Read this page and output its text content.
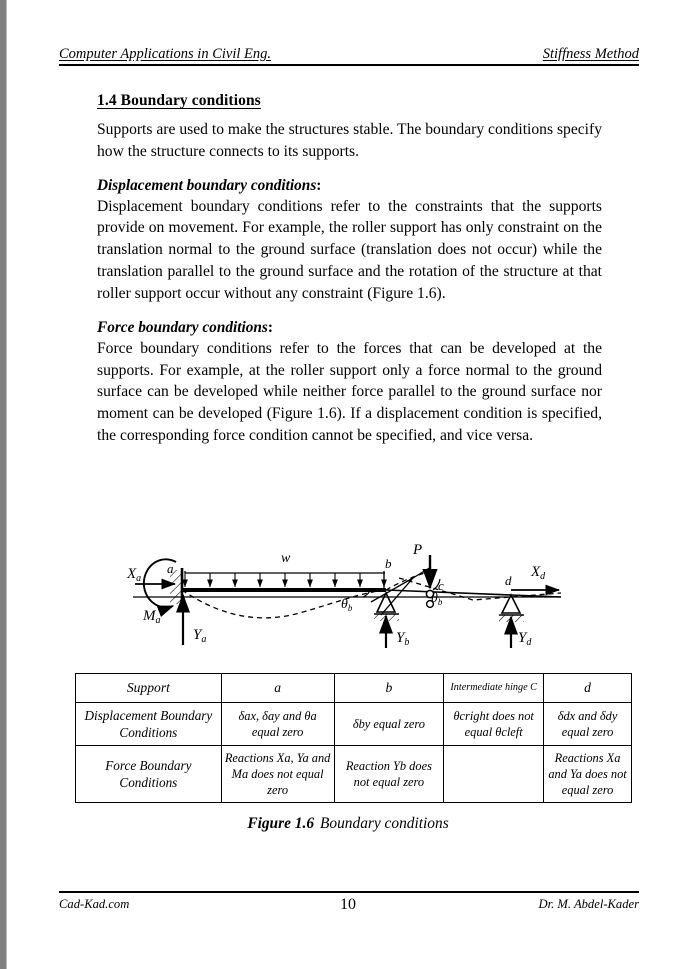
Computer Applications in Civil Eng.	Stiffness Method
1.4 Boundary conditions

Supports are used to make the structures stable. The boundary conditions specify how the structure connects to its supports.

Displacement boundary conditions:

Displacement boundary conditions refer to the constraints that the supports provide on movement. For example, the roller support has only constraint on the translation normal to the ground surface (translation does not occur) while the translation parallel to the ground surface and the rotation of the structure at that roller support occur without any constraint (Figure 1.6).

Force boundary conditions:

Force boundary conditions refer to the forces that can be developed at the supports. For example, at the roller support only a force normal to the ground surface can be developed while neither force parallel to the ground surface nor moment can be developed (Figure 1.6). If a displacement condition is specified, the corresponding force condition cannot be specified, and vice versa.

$X_a$
$M_a$
$Y_a$
a
w	b
$Y_b$
$\theta_b$
$\theta_b$
P
c	d
$X_d$
$Y_d$
Support	a	b	Intermediate hinge C	d
Displacement Boundary
Conditions	δax, δay and θa equal zero	δby equal zero	θcright does not equal θcleft	δdx and δdy equal zero
Force Boundary
Conditions	Reactions Xa, Ya and Ma does not equal zero	Reaction Yb does not equal zero		Reactions Xa and Ya does not equal zero
Figure 1.6 Boundary conditions
Cad-Kad.com	Dr. M. Abdel-Kader
10
